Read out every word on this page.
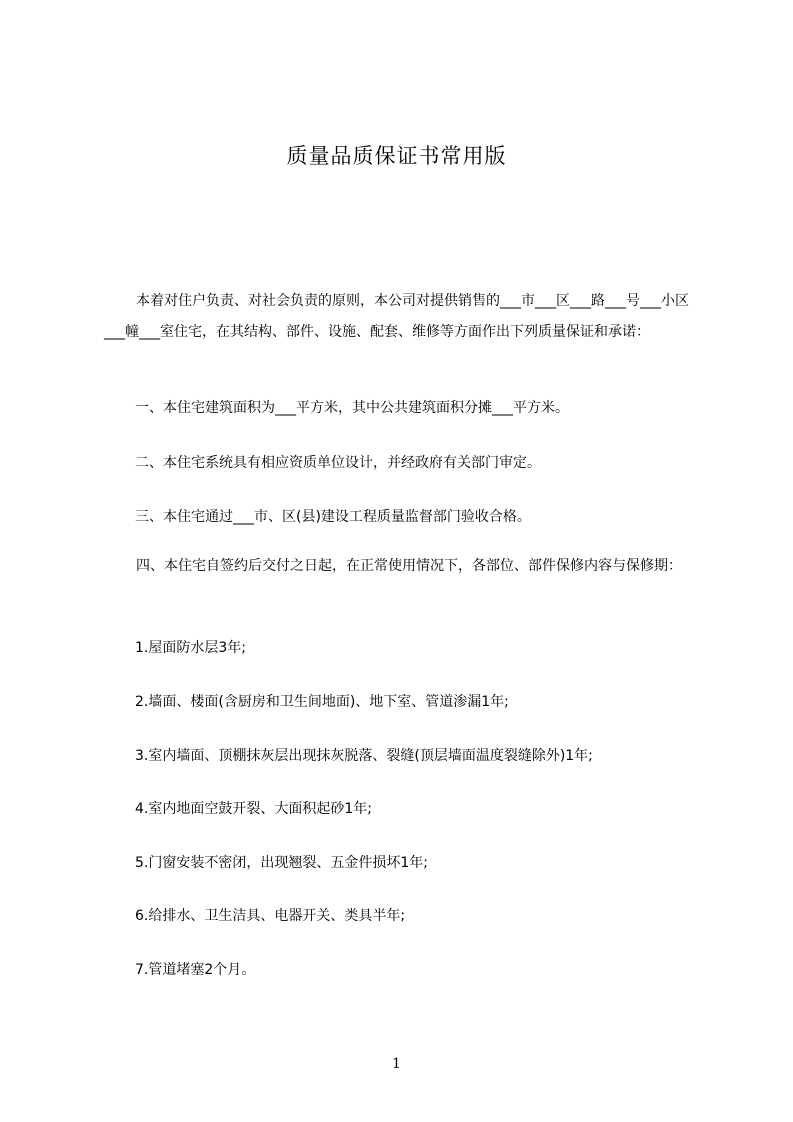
质量品质保证书常用版

本着对住户负责、对社会负责的原则，本公司对提供销售的___市___区___路___号___小区___幢___室住宅，在其结构、部件、设施、配套、维修等方面作出下列质量保证和承诺：

一、本住宅建筑面积为___平方米，其中公共建筑面积分摊___平方米。

二、本住宅系统具有相应资质单位设计，并经政府有关部门审定。

三、本住宅通过___市、区(县)建设工程质量监督部门验收合格。

四、本住宅自签约后交付之日起，在正常使用情况下，各部位、部件保修内容与保修期：

1.屋面防水层3年;

2.墙面、楼面(含厨房和卫生间地面)、地下室、管道渗漏1年;

3.室内墙面、顶棚抹灰层出现抹灰脱落、裂缝(顶层墙面温度裂缝除外)1年;

4.室内地面空鼓开裂、大面积起砂1年;

5.门窗安装不密闭，出现翘裂、五金件损坏1年;

6.给排水、卫生洁具、电器开关、类具半年;

7.管道堵塞2个月。

1
